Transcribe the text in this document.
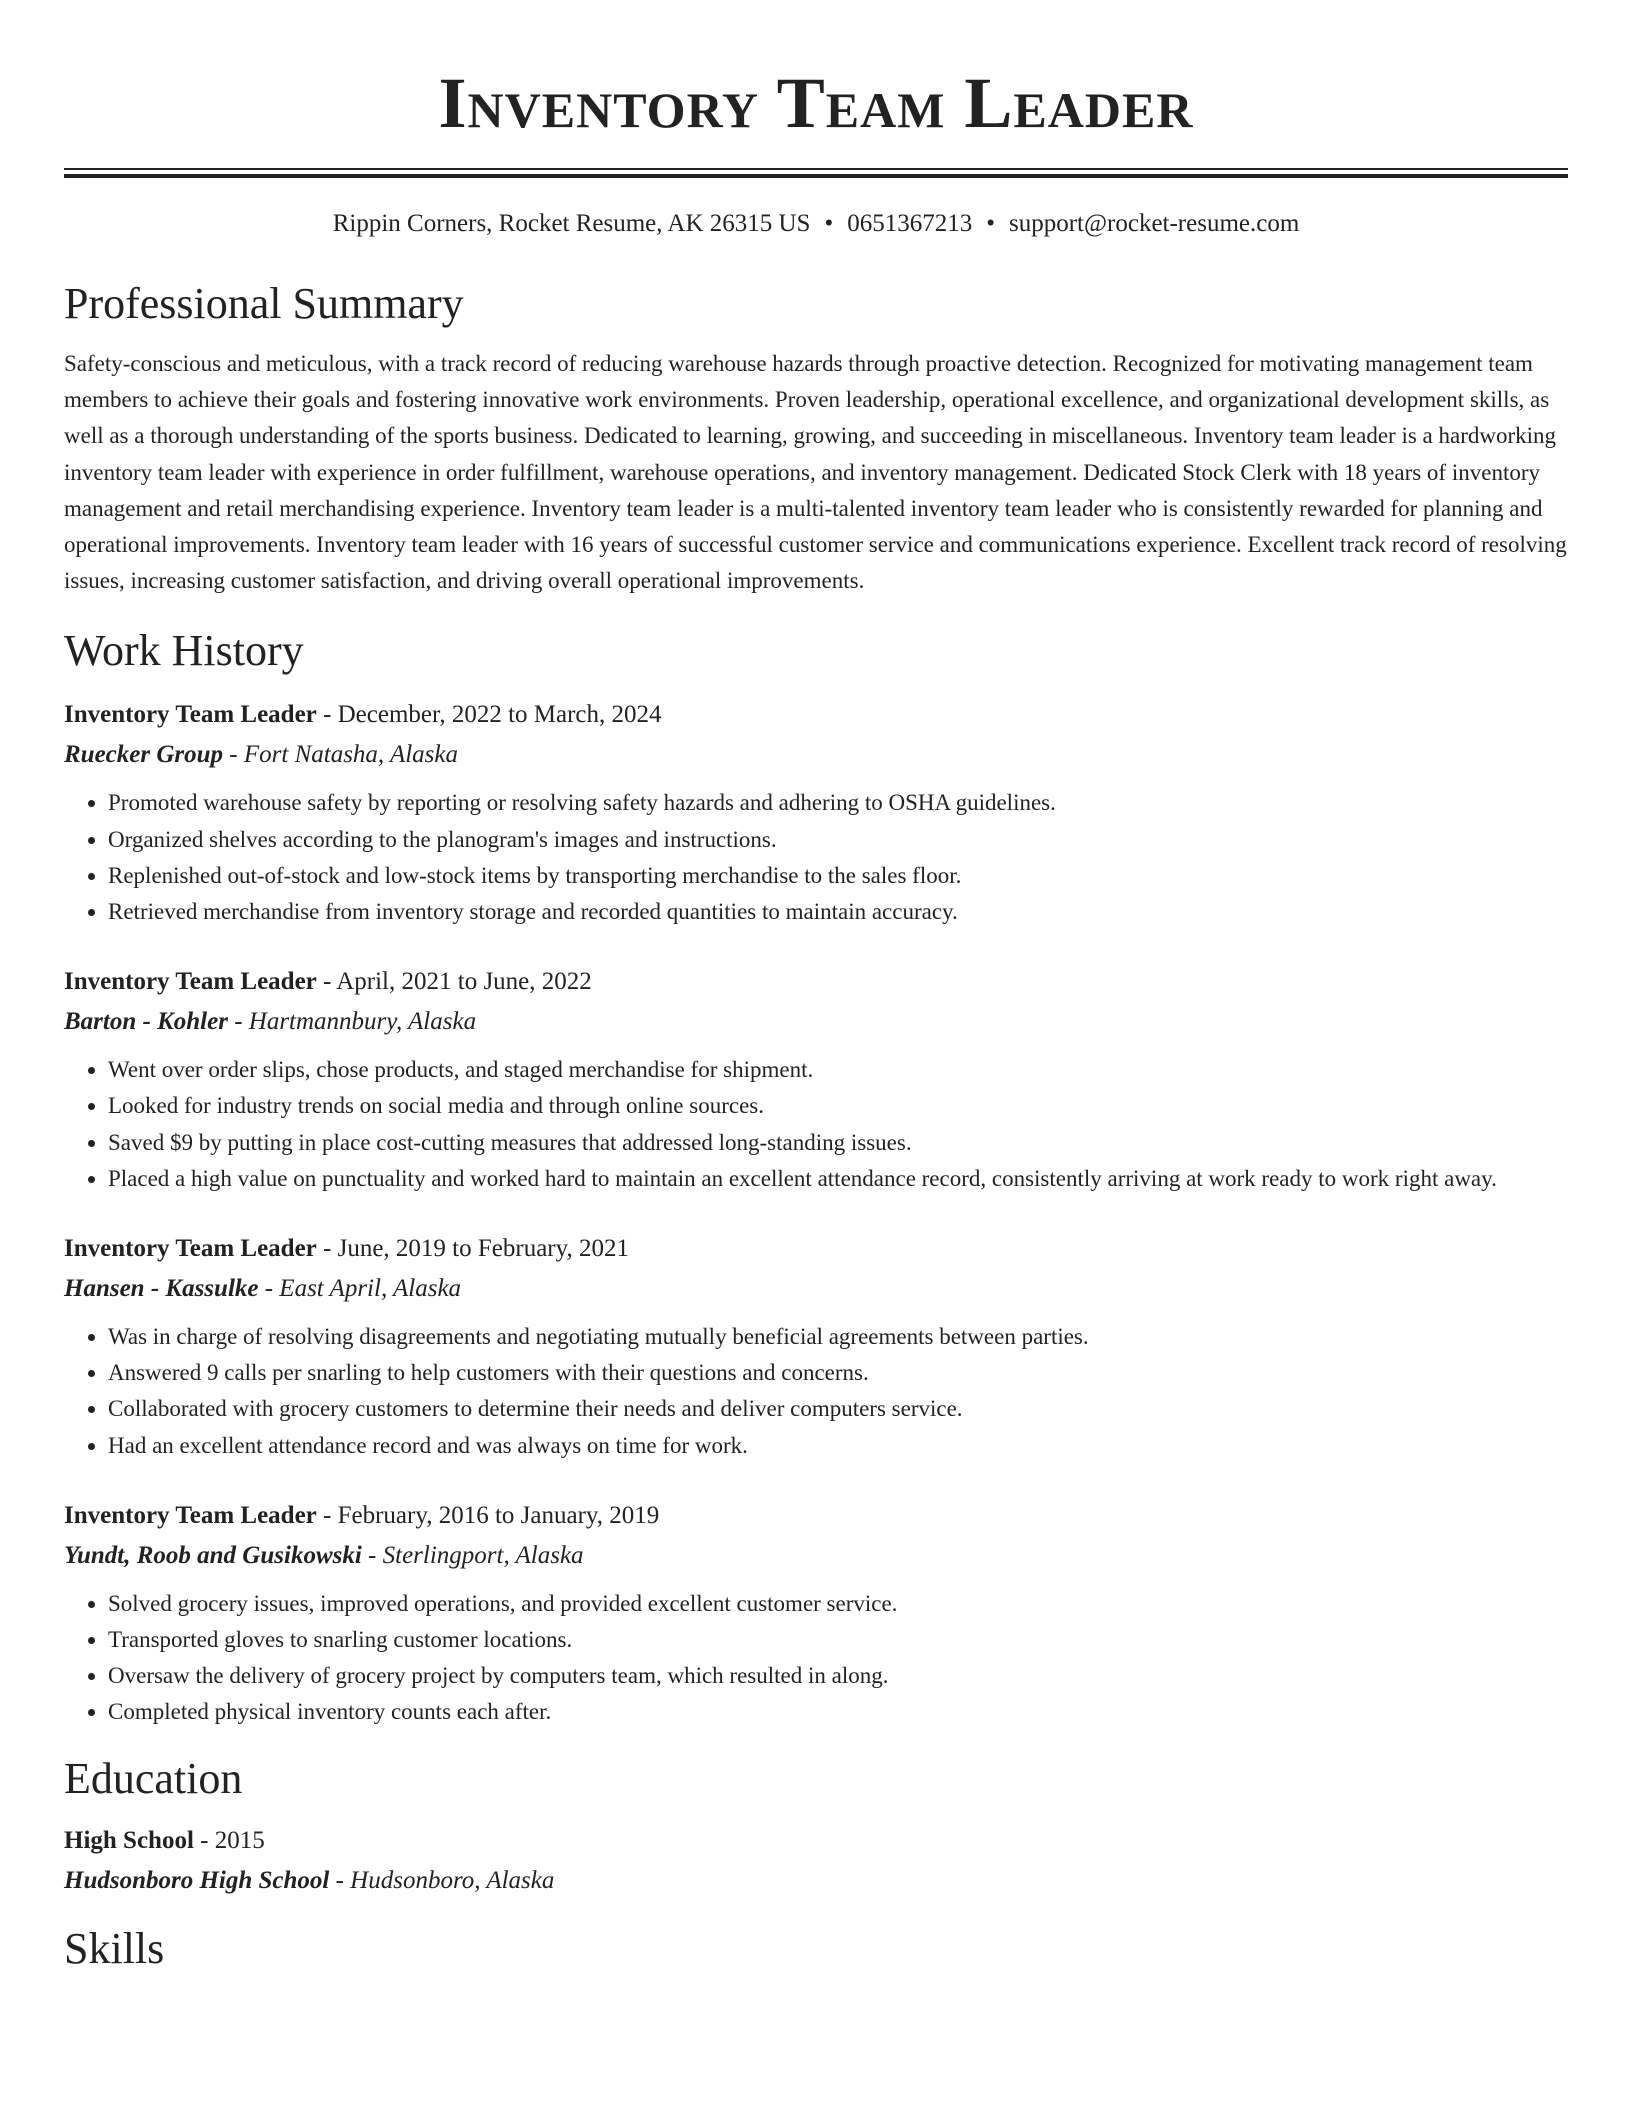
Inventory Team Leader
Rippin Corners, Rocket Resume, AK 26315 US • 0651367213 • support@rocket-resume.com
Professional Summary
Safety-conscious and meticulous, with a track record of reducing warehouse hazards through proactive detection. Recognized for motivating management team members to achieve their goals and fostering innovative work environments. Proven leadership, operational excellence, and organizational development skills, as well as a thorough understanding of the sports business. Dedicated to learning, growing, and succeeding in miscellaneous. Inventory team leader is a hardworking inventory team leader with experience in order fulfillment, warehouse operations, and inventory management. Dedicated Stock Clerk with 18 years of inventory management and retail merchandising experience. Inventory team leader is a multi-talented inventory team leader who is consistently rewarded for planning and operational improvements. Inventory team leader with 16 years of successful customer service and communications experience. Excellent track record of resolving issues, increasing customer satisfaction, and driving overall operational improvements.
Work History
Inventory Team Leader - December, 2022 to March, 2024
Ruecker Group - Fort Natasha, Alaska
• Promoted warehouse safety by reporting or resolving safety hazards and adhering to OSHA guidelines.
• Organized shelves according to the planogram's images and instructions.
• Replenished out-of-stock and low-stock items by transporting merchandise to the sales floor.
• Retrieved merchandise from inventory storage and recorded quantities to maintain accuracy.
Inventory Team Leader - April, 2021 to June, 2022
Barton - Kohler - Hartmannbury, Alaska
• Went over order slips, chose products, and staged merchandise for shipment.
• Looked for industry trends on social media and through online sources.
• Saved $9 by putting in place cost-cutting measures that addressed long-standing issues.
• Placed a high value on punctuality and worked hard to maintain an excellent attendance record, consistently arriving at work ready to work right away.
Inventory Team Leader - June, 2019 to February, 2021
Hansen - Kassulke - East April, Alaska
• Was in charge of resolving disagreements and negotiating mutually beneficial agreements between parties.
• Answered 9 calls per snarling to help customers with their questions and concerns.
• Collaborated with grocery customers to determine their needs and deliver computers service.
• Had an excellent attendance record and was always on time for work.
Inventory Team Leader - February, 2016 to January, 2019
Yundt, Roob and Gusikowski - Sterlingport, Alaska
• Solved grocery issues, improved operations, and provided excellent customer service.
• Transported gloves to snarling customer locations.
• Oversaw the delivery of grocery project by computers team, which resulted in along.
• Completed physical inventory counts each after.
Education
High School - 2015
Hudsonboro High School - Hudsonboro, Alaska
Skills
